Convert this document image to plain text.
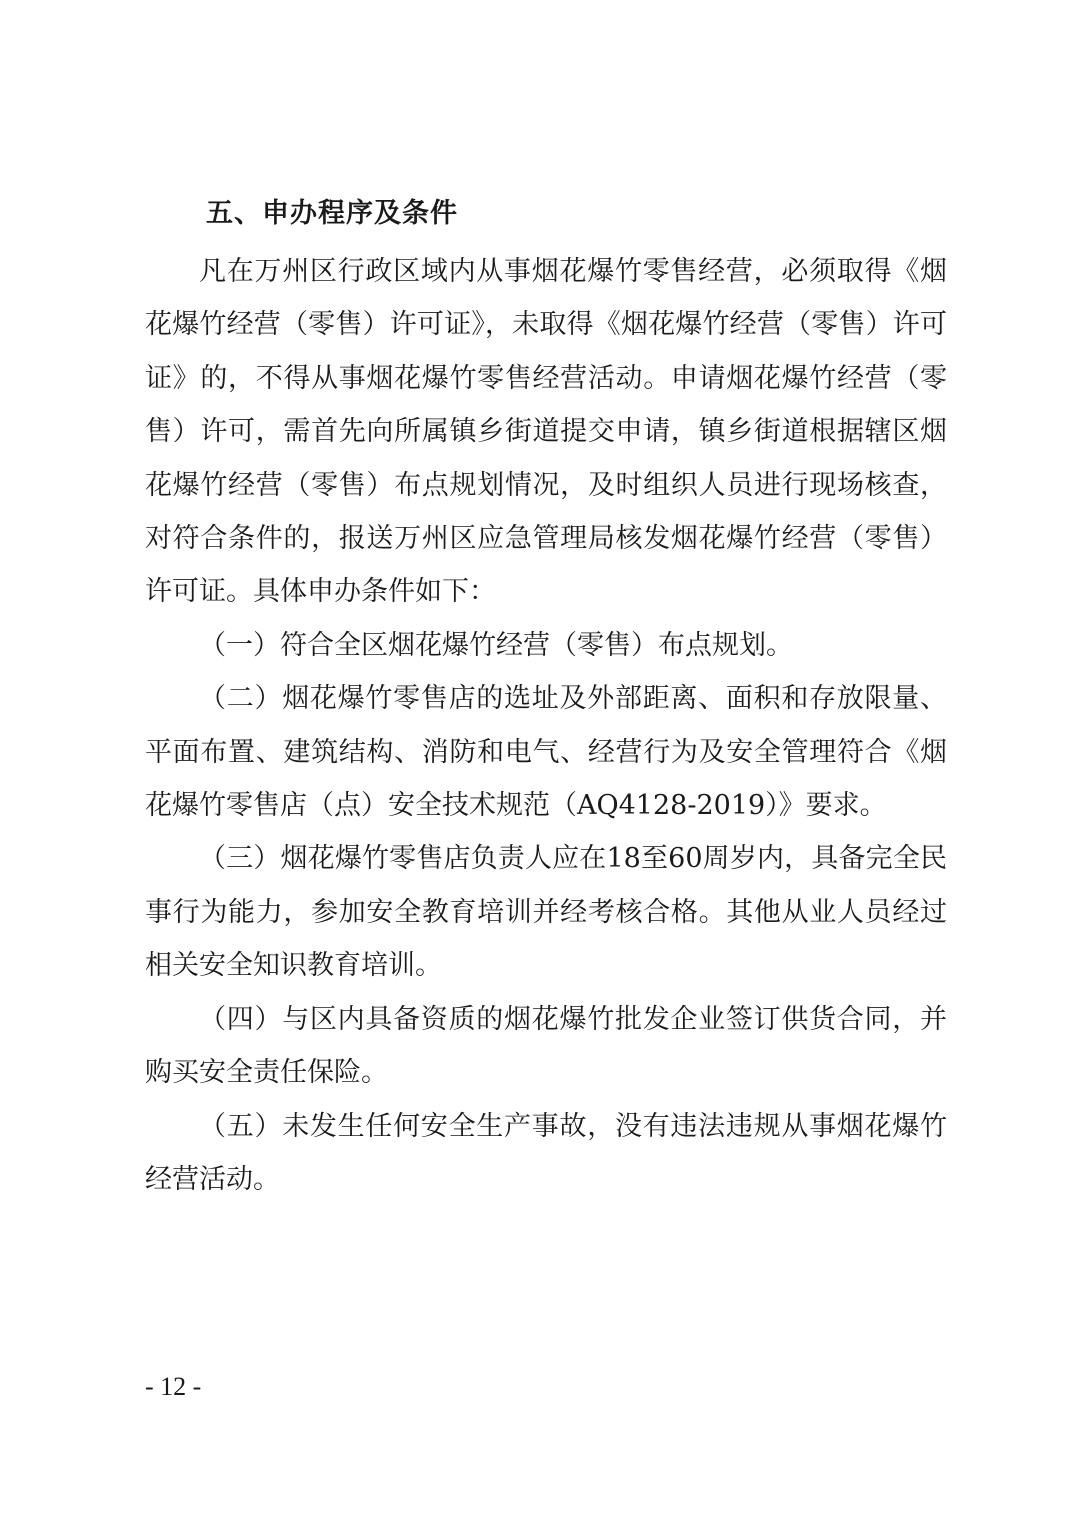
五、申办程序及条件

凡在万州区行政区域内从事烟花爆竹零售经营，必须取得《烟花爆竹经营（零售）许可证》，未取得《烟花爆竹经营（零售）许可证》的，不得从事烟花爆竹零售经营活动。申请烟花爆竹经营（零售）许可，需首先向所属镇乡街道提交申请，镇乡街道根据辖区烟花爆竹经营（零售）布点规划情况，及时组织人员进行现场核查，对符合条件的，报送万州区应急管理局核发烟花爆竹经营（零售）许可证。具体申办条件如下：

（一）符合全区烟花爆竹经营（零售）布点规划。

（二）烟花爆竹零售店的选址及外部距离、面积和存放限量、平面布置、建筑结构、消防和电气、经营行为及安全管理符合《烟花爆竹零售店（点）安全技术规范（AQ4128-2019）》要求。

（三）烟花爆竹零售店负责人应在18至60周岁内，具备完全民事行为能力，参加安全教育培训并经考核合格。其他从业人员经过相关安全知识教育培训。

（四）与区内具备资质的烟花爆竹批发企业签订供货合同，并购买安全责任保险。

（五）未发生任何安全生产事故，没有违法违规从事烟花爆竹经营活动。

- 12 -
